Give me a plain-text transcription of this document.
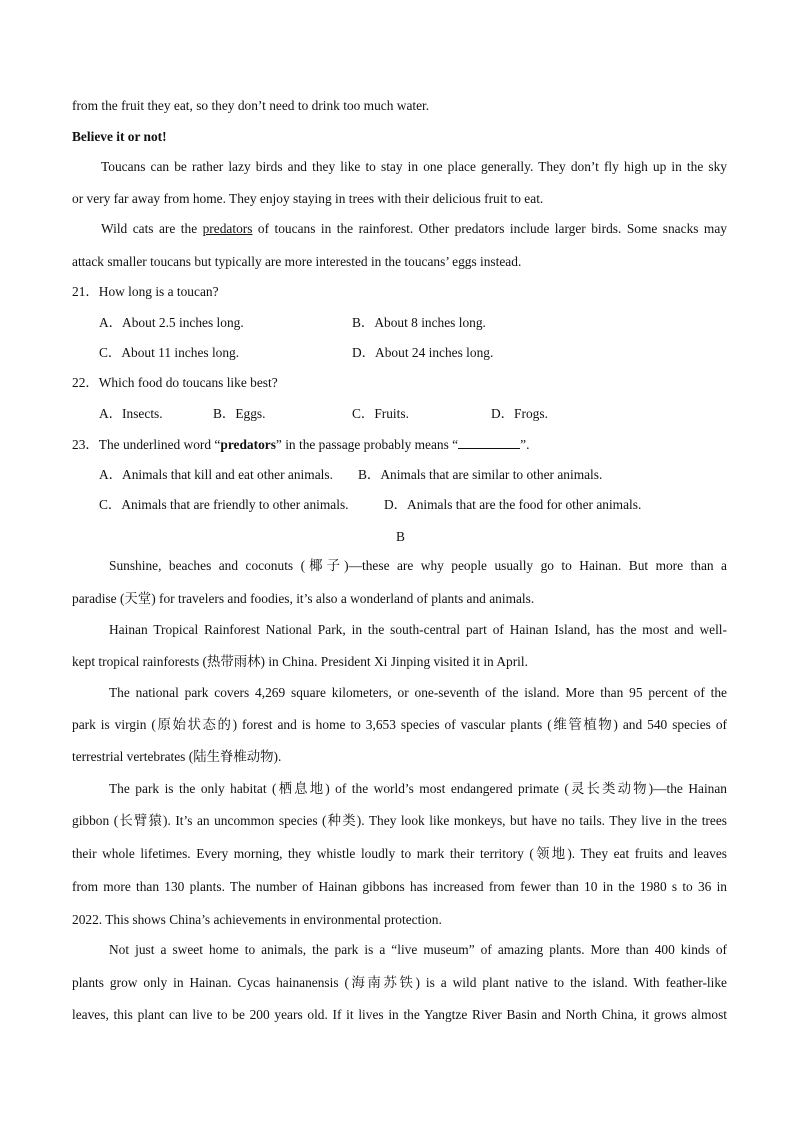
from the fruit they eat, so they don’t need to drink too much water.
Believe it or not!
Toucans can be rather lazy birds and they like to stay in one place generally. They don’t fly high up in the sky
or very far away from home. They enjoy staying in trees with their delicious fruit to eat.
Wild cats are the predators of toucans in the rainforest. Other predators include larger birds. Some snacks may
attack smaller toucans but typically are more interested in the toucans’ eggs instead.
21．How long is a toucan?
A．About 2.5 inches long.	B．About 8 inches long.
C．About 11 inches long.	D．About 24 inches long.
22．Which food do toucans like best?
A．Insects.	B．Eggs.	C．Fruits.	D．Frogs.
23．The underlined word “predators” in the passage probably means “	”.
A．Animals that kill and eat other animals. B．Animals that are similar to other animals.
C．Animals that are friendly to other animals.	D．Animals that are the food for other animals.
B
Sunshine, beaches and coconuts (椰子)—these are why people usually go to Hainan. But more than a
paradise (天堂) for travelers and foodies, it’s also a wonderland of plants and animals.
Hainan Tropical Rainforest National Park, in the south-central part of Hainan Island, has the most and well-
kept tropical rainforests (热带雨林) in China. President Xi Jinping visited it in April.
The national park covers 4,269 square kilometers, or one-seventh of the island. More than 95 percent of the
park is virgin (原始状态的) forest and is home to 3,653 species of vascular plants (维管植物) and 540 species of
terrestrial vertebrates (陆生脊椎动物).
The park is the only habitat (栖息地) of the world’s most endangered primate (灵长类动物)—the Hainan
gibbon (长臂猿). It’s an uncommon species (种类). They look like monkeys, but have no tails. They live in the trees
their whole lifetimes. Every morning, they whistle loudly to mark their territory (领地). They eat fruits and leaves
from more than 130 plants. The number of Hainan gibbons has increased from fewer than 10 in the 1980 s to 36 in
2022. This shows China’s achievements in environmental protection.
Not just a sweet home to animals, the park is a “live museum” of amazing plants. More than 400 kinds of
plants grow only in Hainan. Cycas hainanensis (海南苏铁) is a wild plant native to the island. With feather-like
leaves, this plant can live to be 200 years old. If it lives in the Yangtze River Basin and North China, it grows almost
